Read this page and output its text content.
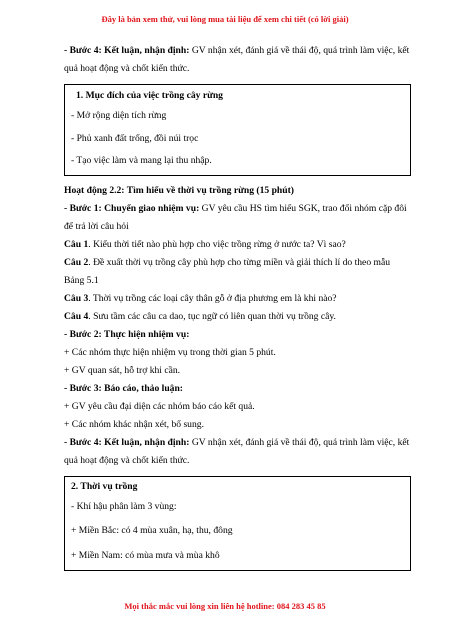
Đây là bản xem thử, vui lòng mua tài liệu để xem chi tiết (có lời giải)

- Bước 4: Kết luận, nhận định: GV nhận xét, đánh giá về thái độ, quá trình làm việc, kết quả hoạt động và chốt kiến thức.

1. Mục đích của việc trồng cây rừng

- Mở rộng diện tích rừng

- Phủ xanh đất trống, đồi núi trọc

- Tạo việc làm và mang lại thu nhập.

Hoạt động 2.2: Tìm hiểu về thời vụ trồng rừng (15 phút)

- Bước 1: Chuyển giao nhiệm vụ: GV yêu cầu HS tìm hiểu SGK, trao đổi nhóm cặp đôi để trả lời câu hỏi

Câu 1. Kiểu thời tiết nào phù hợp cho việc trồng rừng ở nước ta? Vì sao?

Câu 2. Đề xuất thời vụ trồng cây phù hợp cho từng miền và giải thích lí do theo mẫu Bảng 5.1

Câu 3. Thời vụ trồng các loại cây thân gỗ ở địa phương em là khi nào?

Câu 4. Sưu tầm các câu ca dao, tục ngữ có liên quan thời vụ trồng cây.

- Bước 2: Thực hiện nhiệm vụ:

+ Các nhóm thực hiện nhiệm vụ trong thời gian 5 phút.

+ GV quan sát, hỗ trợ khi cần.

- Bước 3: Báo cáo, thảo luận:

+ GV yêu cầu đại diện các nhóm báo cáo kết quả.

+ Các nhóm khác nhận xét, bổ sung.

- Bước 4: Kết luận, nhận định: GV nhận xét, đánh giá về thái độ, quá trình làm việc, kết quả hoạt động và chốt kiến thức.

2. Thời vụ trồng

- Khí hậu phân làm 3 vùng:

+ Miền Bắc: có 4 mùa xuân, hạ, thu, đông

+ Miền Nam: có mùa mưa và mùa khô

Mọi thắc mắc vui lòng xin liên hệ hotline: 084 283 45 85
